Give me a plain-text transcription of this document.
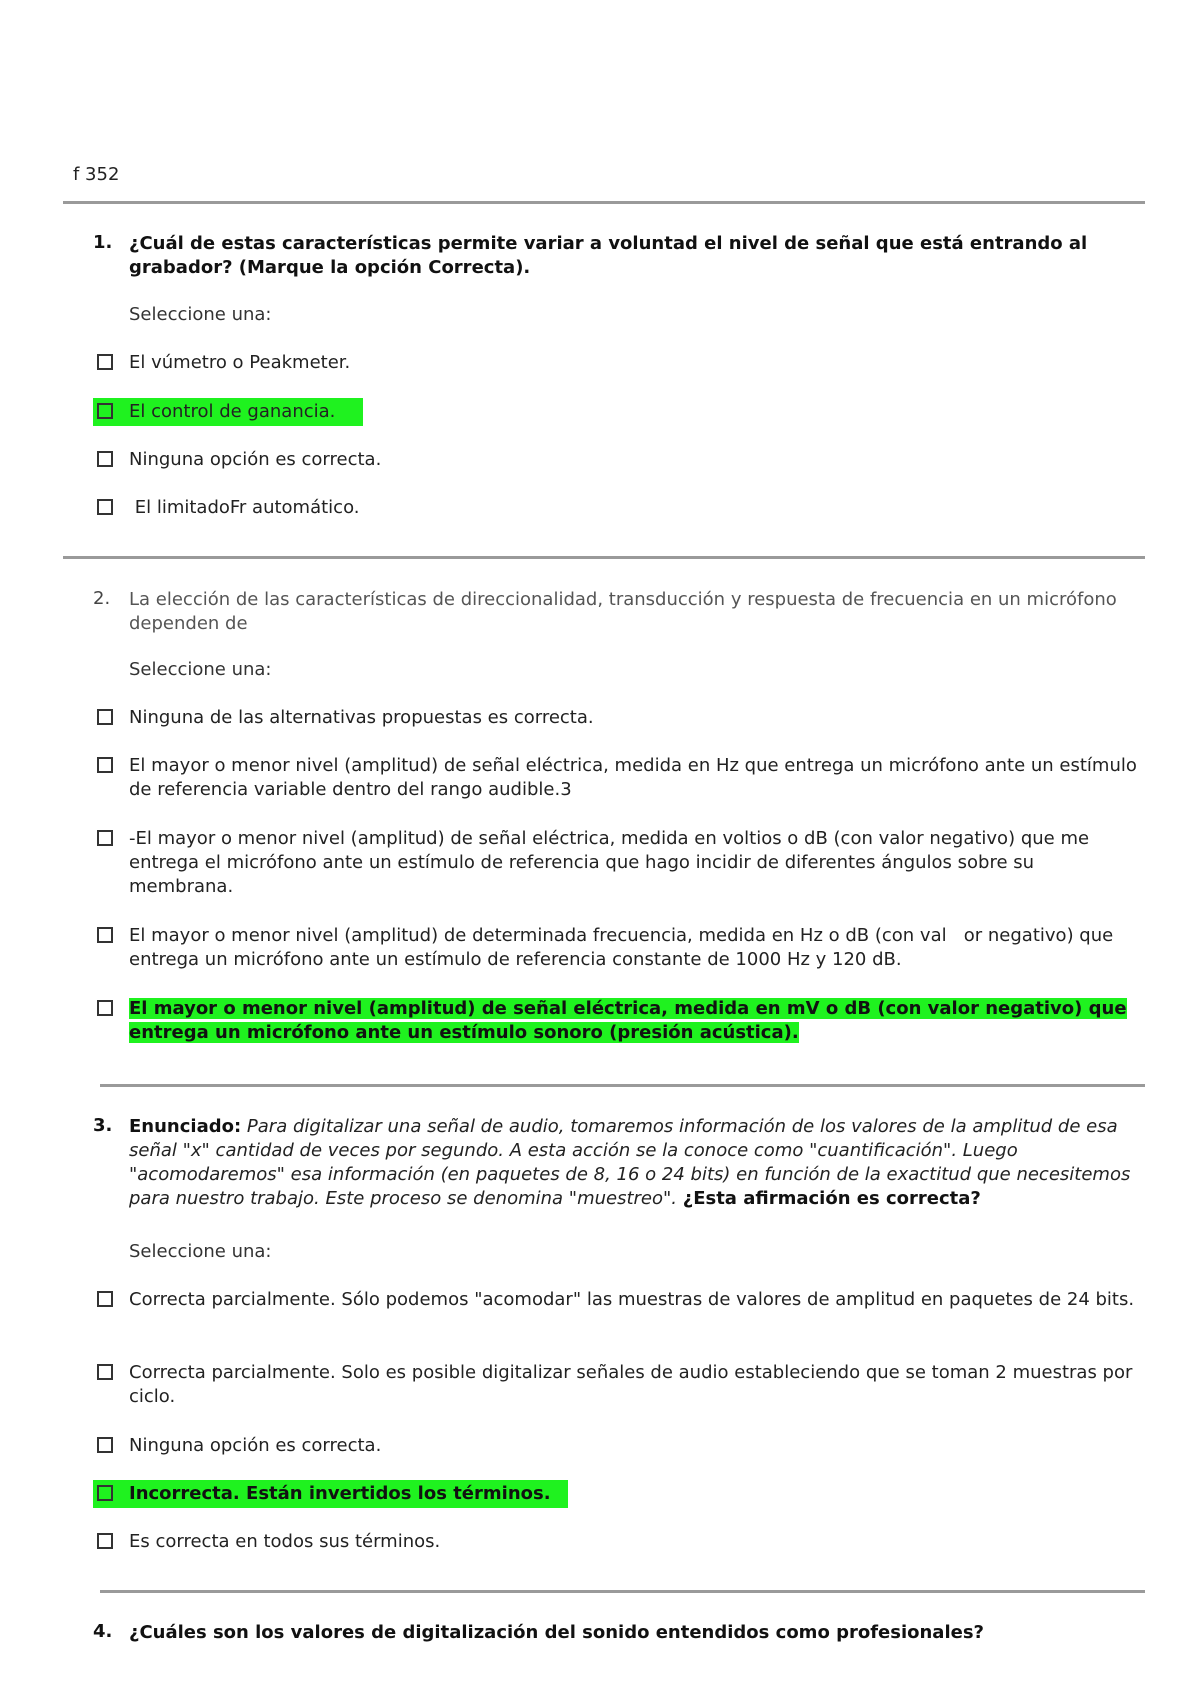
f 352
1. ¿Cuál de estas características permite variar a voluntad el nivel de señal que está entrando al grabador? (Marque la opción Correcta).
Seleccione una:
El vúmetro o Peakmeter.
El control de ganancia.
Ninguna opción es correcta.
El limitadoFr automático.
2. La elección de las características de direccionalidad, transducción y respuesta de frecuencia en un micrófono dependen de
Seleccione una:
Ninguna de las alternativas propuestas es correcta.
El mayor o menor nivel (amplitud) de señal eléctrica, medida en Hz que entrega un micrófono ante un estímulo de referencia variable dentro del rango audible.3
-El mayor o menor nivel (amplitud) de señal eléctrica, medida en voltios o dB (con valor negativo) que me entrega el micrófono ante un estímulo de referencia que hago incidir de diferentes ángulos sobre su membrana.
El mayor o menor nivel (amplitud) de determinada frecuencia, medida en Hz o dB (con val   or negativo) que entrega un micrófono ante un estímulo de referencia constante de 1000 Hz y 120 dB.
El mayor o menor nivel (amplitud) de señal eléctrica, medida en mV o dB (con valor negativo) que entrega un micrófono ante un estímulo sonoro (presión acústica).
3. Enunciado: Para digitalizar una señal de audio, tomaremos información de los valores de la amplitud de esa señal "x" cantidad de veces por segundo. A esta acción se la conoce como "cuantificación". Luego "acomodaremos" esa información (en paquetes de 8, 16 o 24 bits) en función de la exactitud que necesitemos para nuestro trabajo. Este proceso se denomina "muestreo". ¿Esta afirmación es correcta?
Seleccione una:
Correcta parcialmente. Sólo podemos "acomodar" las muestras de valores de amplitud en paquetes de 24 bits.
Correcta parcialmente. Solo es posible digitalizar señales de audio estableciendo que se toman 2 muestras por ciclo.
Ninguna opción es correcta.
Incorrecta. Están invertidos los términos.
Es correcta en todos sus términos.
4. ¿Cuáles son los valores de digitalización del sonido entendidos como profesionales?
